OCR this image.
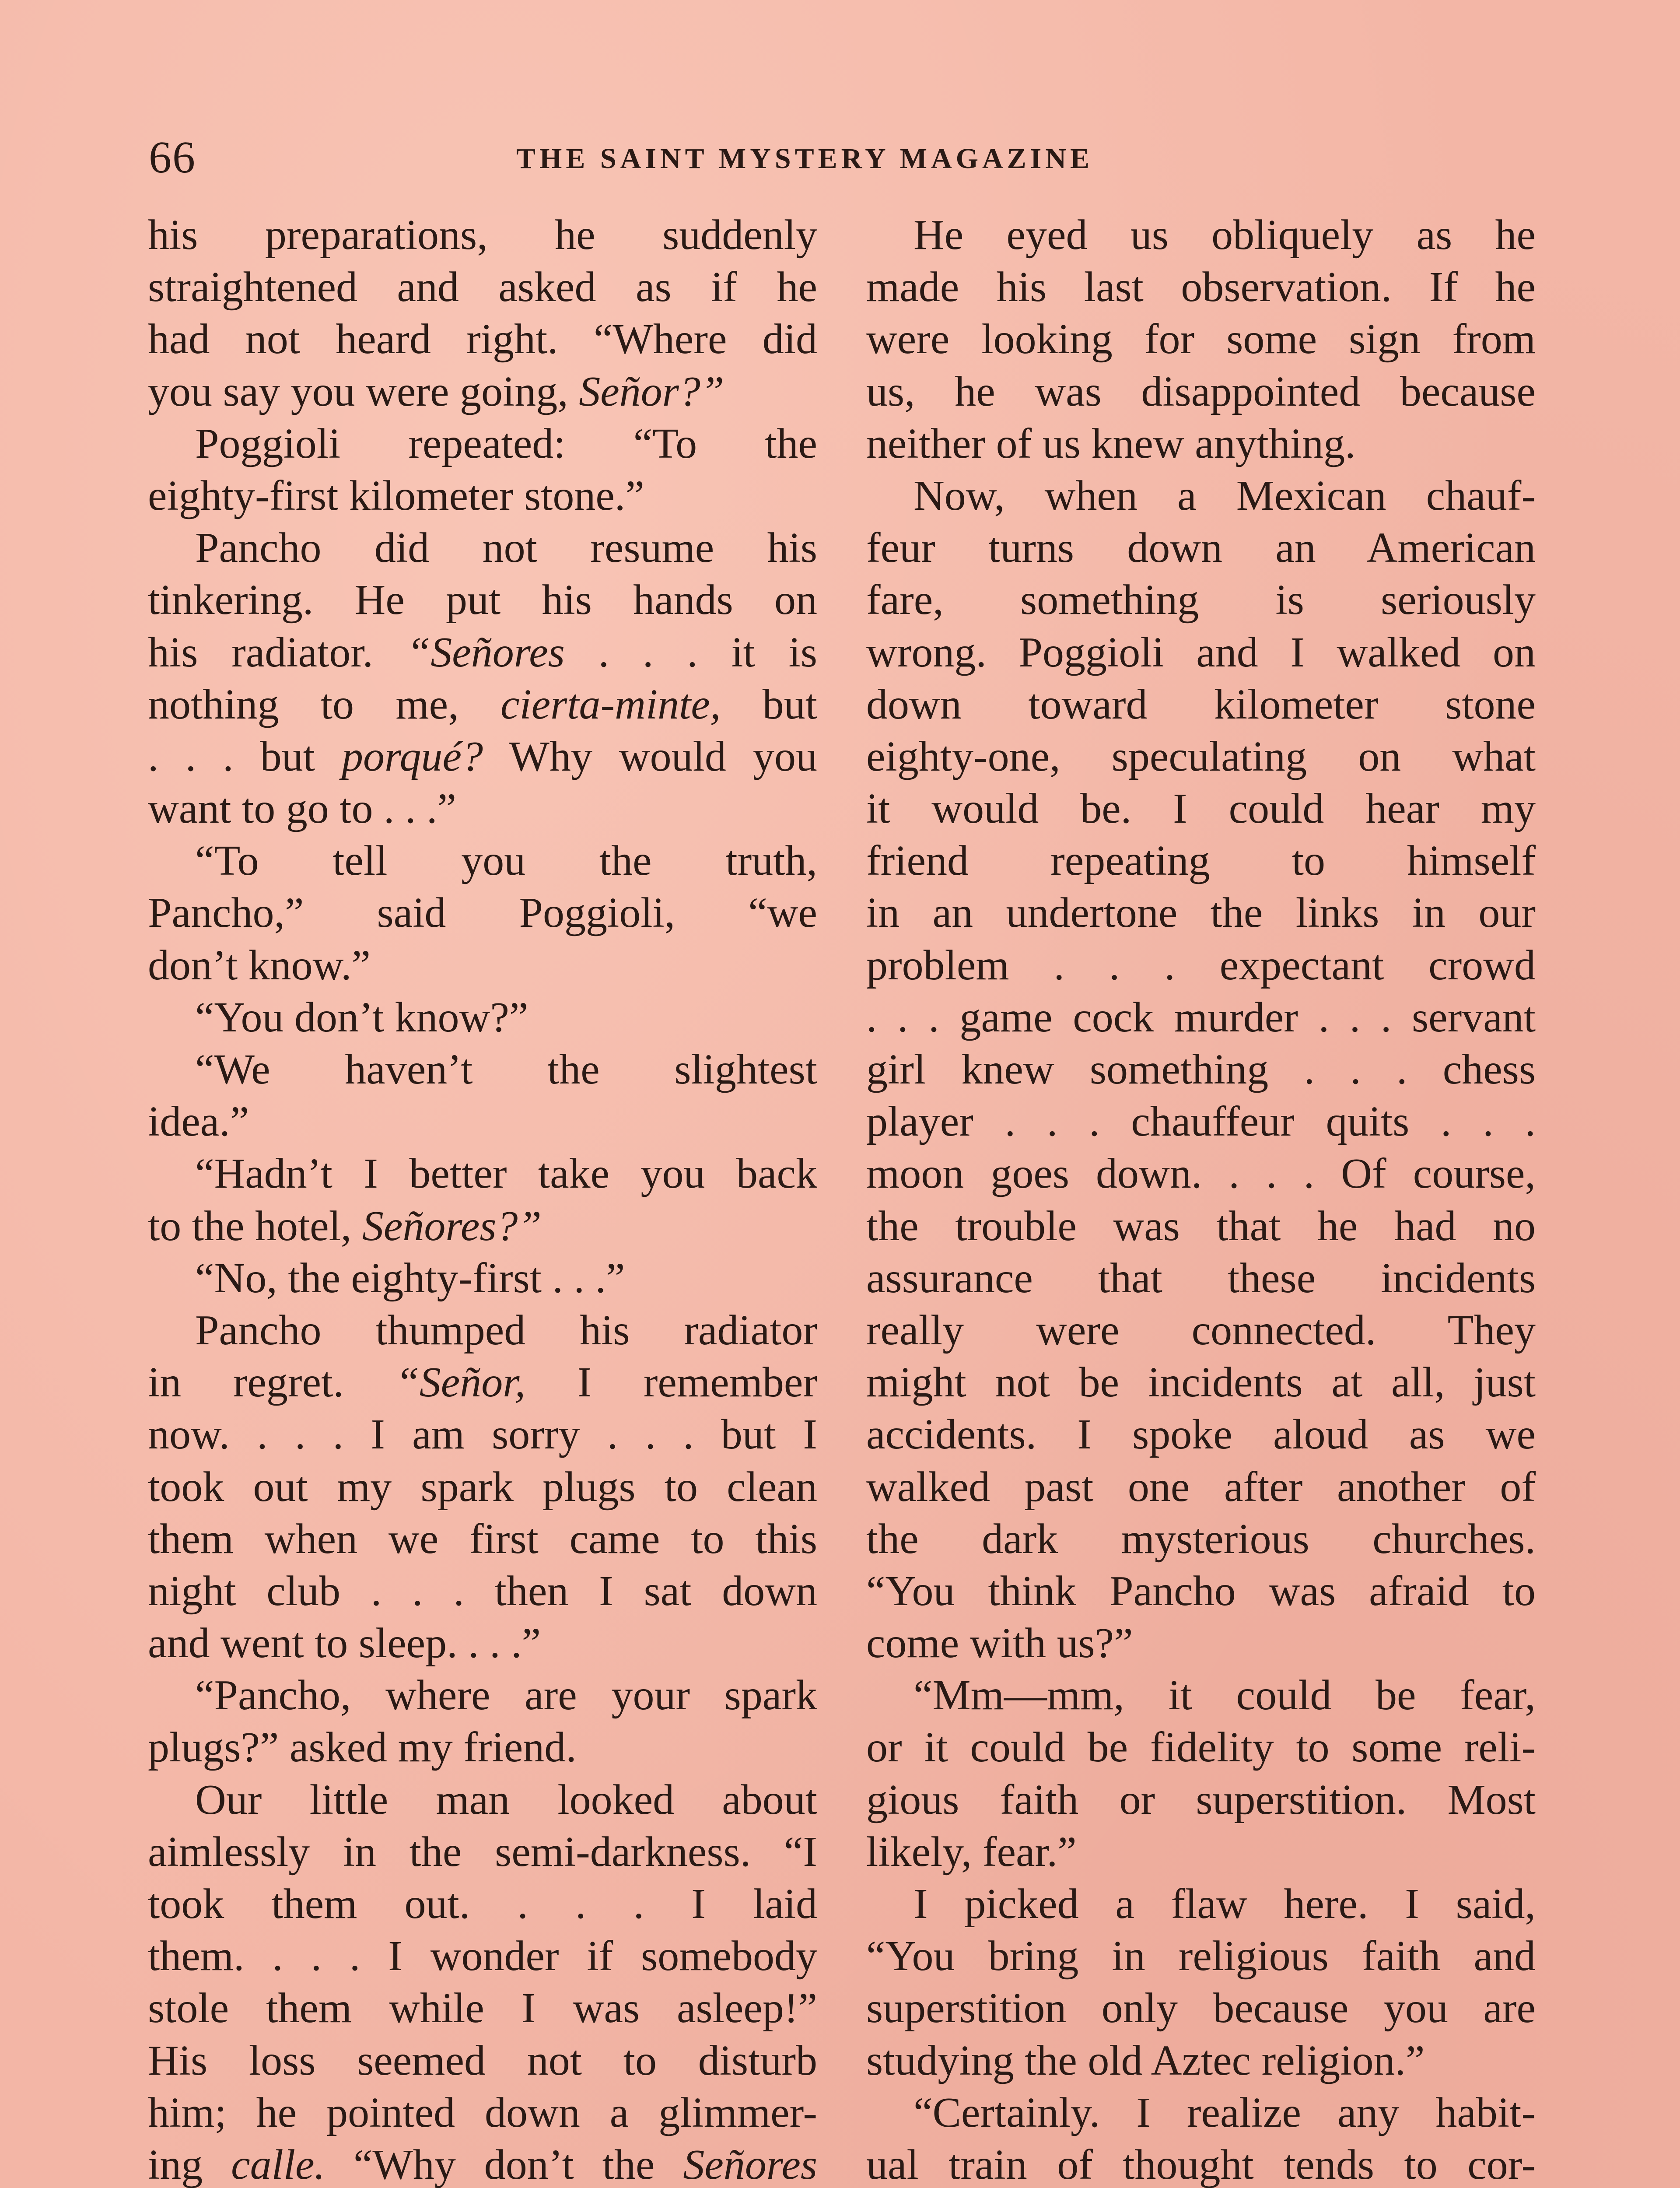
66	THE SAINT MYSTERY MAGAZINE
his preparations, he suddenly
straightened and asked as if he
had not heard right. “Where did
you say you were going, Señor?”
Poggioli repeated: “To the
eighty-first kilometer stone.”
Pancho did not resume his
tinkering. He put his hands on
his radiator. “Señores . . . it is
nothing to me, cierta-minte, but
. . . but porqué? Why would you
want to go to . . .”
“To tell you the truth,
Pancho,” said Poggioli, “we
don’t know.”
“You don’t know?”
“We haven’t the slightest
idea.”
“Hadn’t I better take you back
to the hotel, Señores?”
“No, the eighty-first . . .”
Pancho thumped his radiator
in regret. “Señor, I remember
now. . . . I am sorry . . . but I
took out my spark plugs to clean
them when we first came to this
night club . . . then I sat down
and went to sleep. . . .”
“Pancho, where are your spark
plugs?” asked my friend.
Our little man looked about
aimlessly in the semi-darkness. “I
took them out. . . . I laid
them. . . . I wonder if somebody
stole them while I was asleep!”
His loss seemed not to disturb
him; he pointed down a glimmer-
ing calle. “Why don’t the Señores
He eyed us obliquely as he
made his last observation. If he
were looking for some sign from
us, he was disappointed because
neither of us knew anything.
Now, when a Mexican chauf-
feur turns down an American
fare, something is seriously
wrong. Poggioli and I walked on
down toward kilometer stone
eighty-one, speculating on what
it would be. I could hear my
friend repeating to himself
in an undertone the links in our
problem . . . expectant crowd
. . . game cock murder . . . servant
girl knew something . . . chess
player . . . chauffeur quits . . .
moon goes down. . . . Of course,
the trouble was that he had no
assurance that these incidents
really were connected. They
might not be incidents at all, just
accidents. I spoke aloud as we
walked past one after another of
the dark mysterious churches.
“You think Pancho was afraid to
come with us?”
“Mm—mm, it could be fear,
or it could be fidelity to some reli-
gious faith or superstition. Most
likely, fear.”
I picked a flaw here. I said,
“You bring in religious faith and
superstition only because you are
studying the old Aztec religion.”
“Certainly. I realize any habit-
ual train of thought tends to cor-
